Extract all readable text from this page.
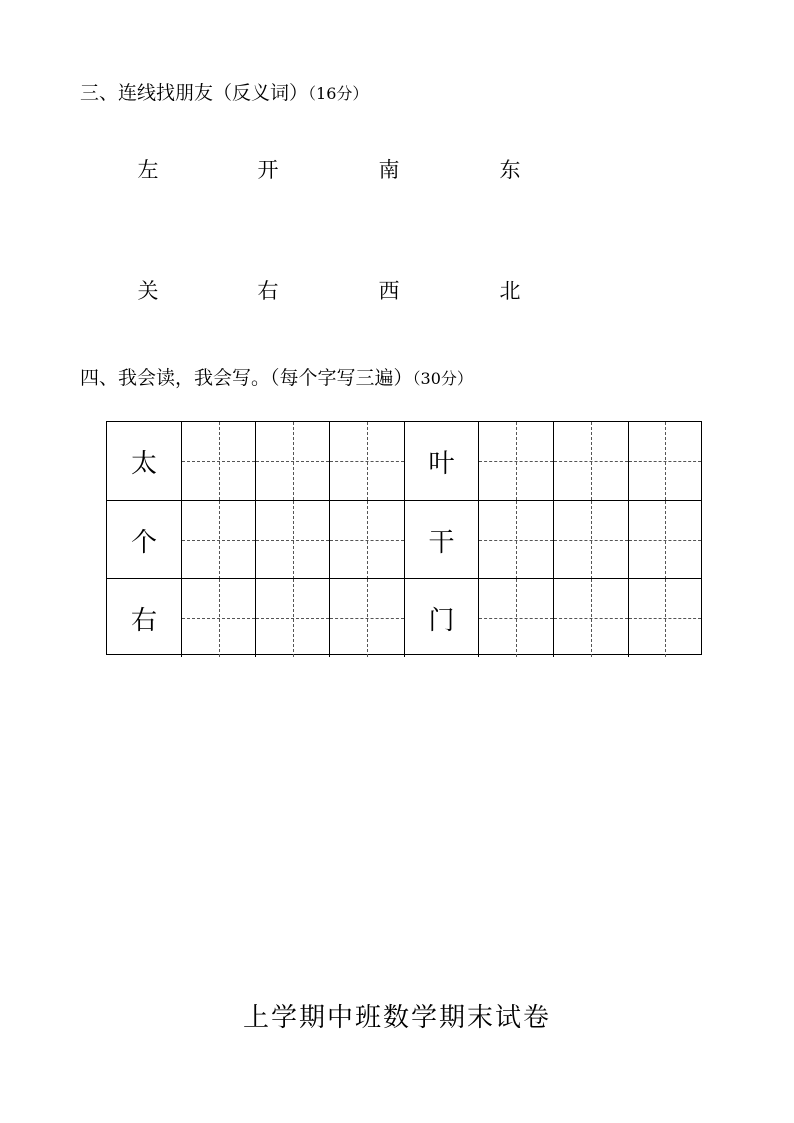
三、连线找朋友（反义词）（16分）
左	开	南	东
关	右	西	北
四、我会读，我会写。（每个字写三遍）（30分）
太	叶
个	干
右	门
上学期中班数学期末试卷
